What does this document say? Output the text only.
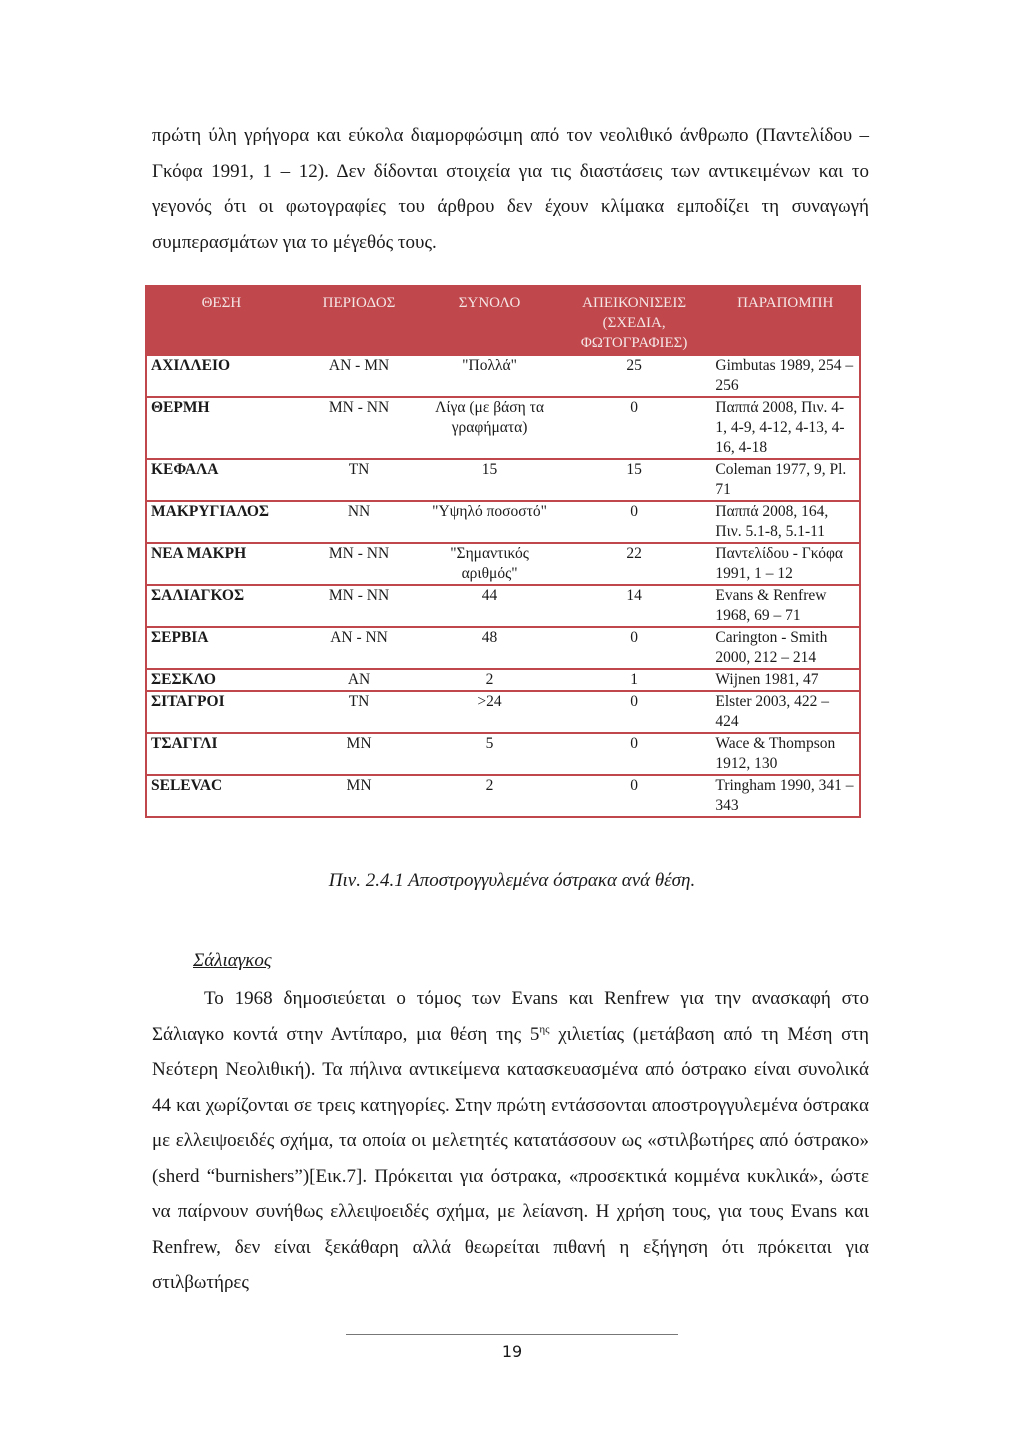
πρώτη ύλη γρήγορα και εύκολα διαμορφώσιμη από τον νεολιθικό άνθρωπο (Παντελίδου – Γκόφα 1991, 1 – 12). Δεν δίδονται στοιχεία για τις διαστάσεις των αντικειμένων και το γεγονός ότι οι φωτογραφίες του άρθρου δεν έχουν κλίμακα εμποδίζει τη συναγωγή συμπερασμάτων για το μέγεθός τους.

ΘΕΣΗ	ΠΕΡΙΟΔΟΣ	ΣΥΝΟΛΟ	ΑΠΕΙΚΟΝΙΣΕΙΣ (ΣΧΕΔΙΑ, ΦΩΤΟΓΡΑΦΙΕΣ)	ΠΑΡΑΠΟΜΠΗ
ΑΧΙΛΛΕΙΟ	ΑΝ - ΜΝ	"Πολλά"	25	Gimbutas 1989, 254 – 256
ΘΕΡΜΗ	ΜΝ - ΝΝ	Λίγα (με βάση τα γραφήματα)	0	Παππά 2008, Πιν. 4-1, 4-9, 4-12, 4-13, 4-16, 4-18
ΚΕΦΑΛΑ	ΤΝ	15	15	Coleman 1977, 9, Pl. 71
ΜΑΚΡΥΓΙΑΛΟΣ	ΝΝ	"Υψηλό ποσοστό"	0	Παππά 2008, 164, Πιν. 5.1-8, 5.1-11
ΝΕΑ ΜΑΚΡΗ	ΜΝ - ΝΝ	"Σημαντικός αριθμός"	22	Παντελίδου - Γκόφα 1991, 1 – 12
ΣΑΛΙΑΓΚΟΣ	ΜΝ - ΝΝ	44	14	Evans & Renfrew 1968, 69 – 71
ΣΕΡΒΙΑ	ΑΝ - ΝΝ	48	0	Carington - Smith 2000, 212 – 214
ΣΕΣΚΛΟ	ΑΝ	2	1	Wijnen 1981, 47
ΣΙΤΑΓΡΟΙ	ΤΝ	>24	0	Elster 2003, 422 – 424
ΤΣΑΓΓΛΙ	ΜΝ	5	0	Wace & Thompson 1912, 130
SELEVAC	ΜΝ	2	0	Tringham 1990, 341 – 343
Πιν. 2.4.1 Αποστρογγυλεμένα όστρακα ανά θέση.
Σάλιαγκος

Το 1968 δημοσιεύεται ο τόμος των Evans και Renfrew για την ανασκαφή στο Σάλιαγκο κοντά στην Αντίπαρο, μια θέση της $5^{\eta\varsigma}$ χιλιετίας (μετάβαση από τη Μέση στη Νεότερη Νεολιθική). Τα πήλινα αντικείμενα κατασκευασμένα από όστρακο είναι συνολικά 44 και χωρίζονται σε τρεις κατηγορίες. Στην πρώτη εντάσσονται αποστρογγυλεμένα όστρακα με ελλειψοειδές σχήμα, τα οποία οι μελετητές κατατάσσουν ως «στιλβωτήρες από όστρακο» (sherd “burnishers”)[Εικ.7]. Πρόκειται για όστρακα, «προσεκτικά κομμένα κυκλικά», ώστε να παίρνουν συνήθως ελλειψοειδές σχήμα, με λείανση. Η χρήση τους, για τους Evans και Renfrew, δεν είναι ξεκάθαρη αλλά θεωρείται πιθανή η εξήγηση ότι πρόκειται για στιλβωτήρες

19
